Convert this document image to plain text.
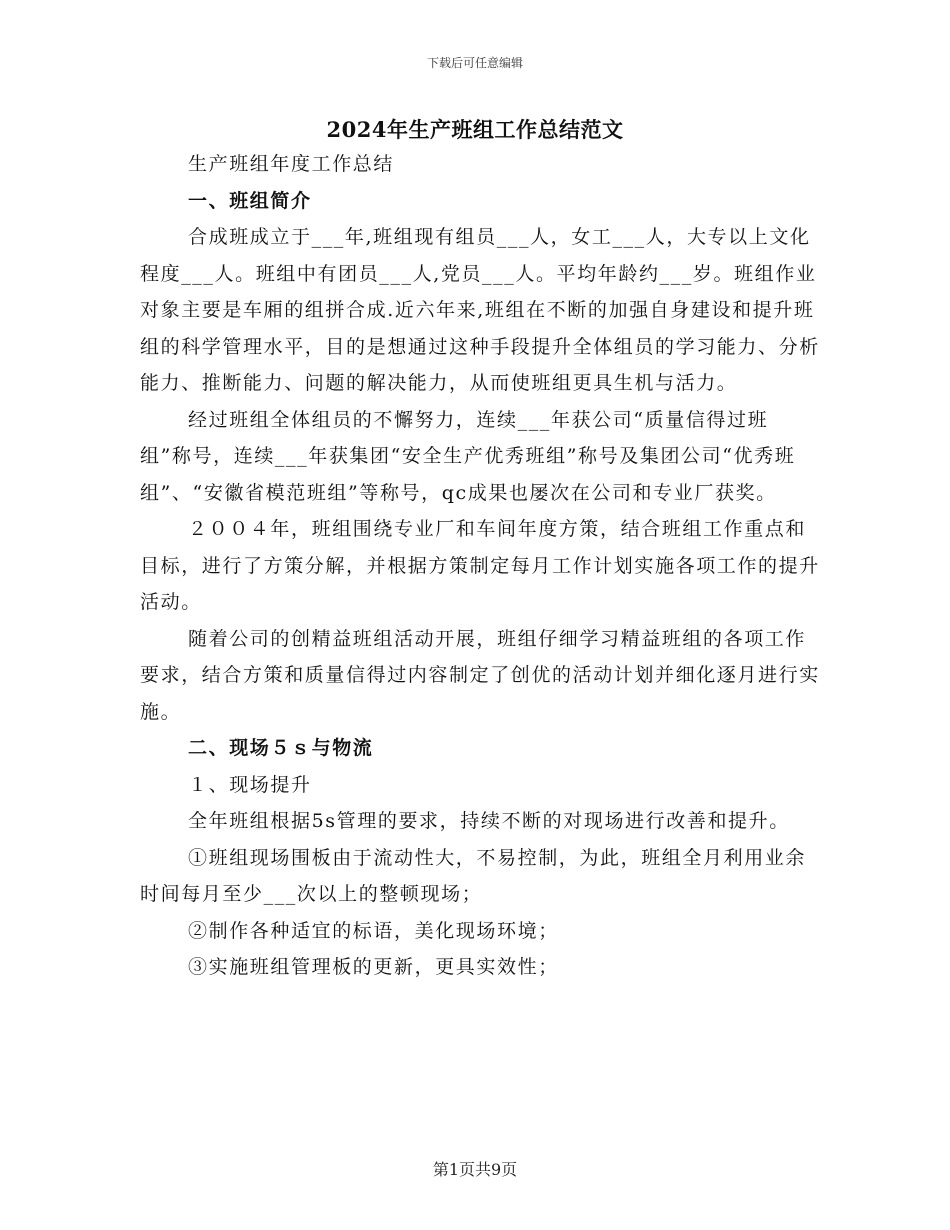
下载后可任意编辑
2024年生产班组工作总结范文

生产班组年度工作总结

一、班组简介

合成班成立于___年,班组现有组员___人，女工___人，大专以上文化程度___人。班组中有团员___人,党员___人。平均年龄约___岁。班组作业对象主要是车厢的组拼合成.近六年来,班组在不断的加强自身建设和提升班组的科学管理水平，目的是想通过这种手段提升全体组员的学习能力、分析能力、推断能力、问题的解决能力，从而使班组更具生机与活力。

经过班组全体组员的不懈努力，连续___年获公司“质量信得过班组”称号，连续___年获集团“安全生产优秀班组”称号及集团公司“优秀班组”、“安徽省模范班组”等称号，qc成果也屡次在公司和专业厂获奖。

２００４年，班组围绕专业厂和车间年度方策，结合班组工作重点和目标，进行了方策分解，并根据方策制定每月工作计划实施各项工作的提升活动。

随着公司的创精益班组活动开展，班组仔细学习精益班组的各项工作要求，结合方策和质量信得过内容制定了创优的活动计划并细化逐月进行实施。

二、现场５ｓ与物流

１、现场提升

全年班组根据5s管理的要求，持续不断的对现场进行改善和提升。

①班组现场围板由于流动性大，不易控制，为此，班组全月利用业余时间每月至少___次以上的整顿现场；

②制作各种适宜的标语，美化现场环境；

③实施班组管理板的更新，更具实效性；

第1页共9页
